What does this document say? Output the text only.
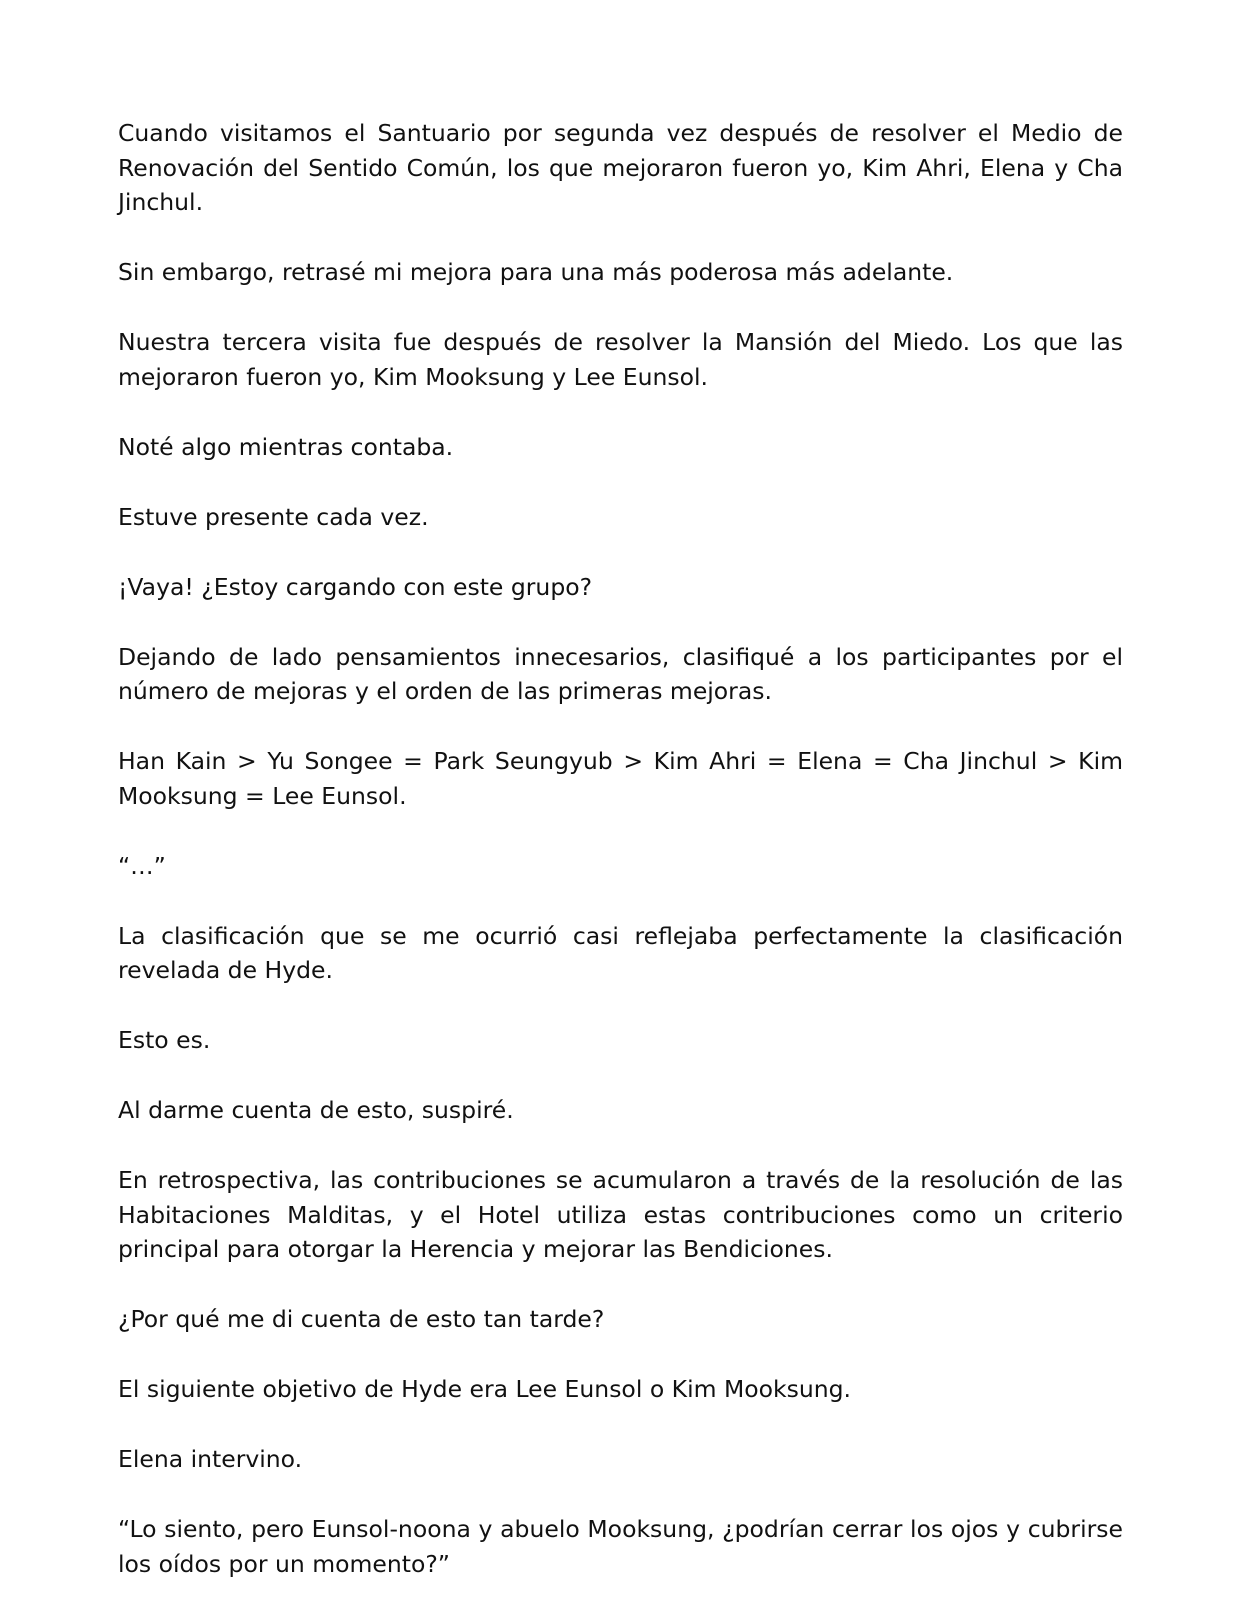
Cuando visitamos el Santuario por segunda vez después de resolver el Medio de Renovación del Sentido Común, los que mejoraron fueron yo, Kim Ahri, Elena y Cha Jinchul.

Sin embargo, retrasé mi mejora para una más poderosa más adelante.

Nuestra tercera visita fue después de resolver la Mansión del Miedo. Los que las mejoraron fueron yo, Kim Mooksung y Lee Eunsol.

Noté algo mientras contaba.

Estuve presente cada vez.

¡Vaya! ¿Estoy cargando con este grupo?

Dejando de lado pensamientos innecesarios, clasifiqué a los participantes por el número de mejoras y el orden de las primeras mejoras.

Han Kain > Yu Songee = Park Seungyub > Kim Ahri = Elena = Cha Jinchul > Kim Mooksung = Lee Eunsol.

“…”

La clasificación que se me ocurrió casi reflejaba perfectamente la clasificación revelada de Hyde.

Esto es.

Al darme cuenta de esto, suspiré.

En retrospectiva, las contribuciones se acumularon a través de la resolución de las Habitaciones Malditas, y el Hotel utiliza estas contribuciones como un criterio principal para otorgar la Herencia y mejorar las Bendiciones.

¿Por qué me di cuenta de esto tan tarde?

El siguiente objetivo de Hyde era Lee Eunsol o Kim Mooksung.

Elena intervino.

“Lo siento, pero Eunsol-noona y abuelo Mooksung, ¿podrían cerrar los ojos y cubrirse los oídos por un momento?”
